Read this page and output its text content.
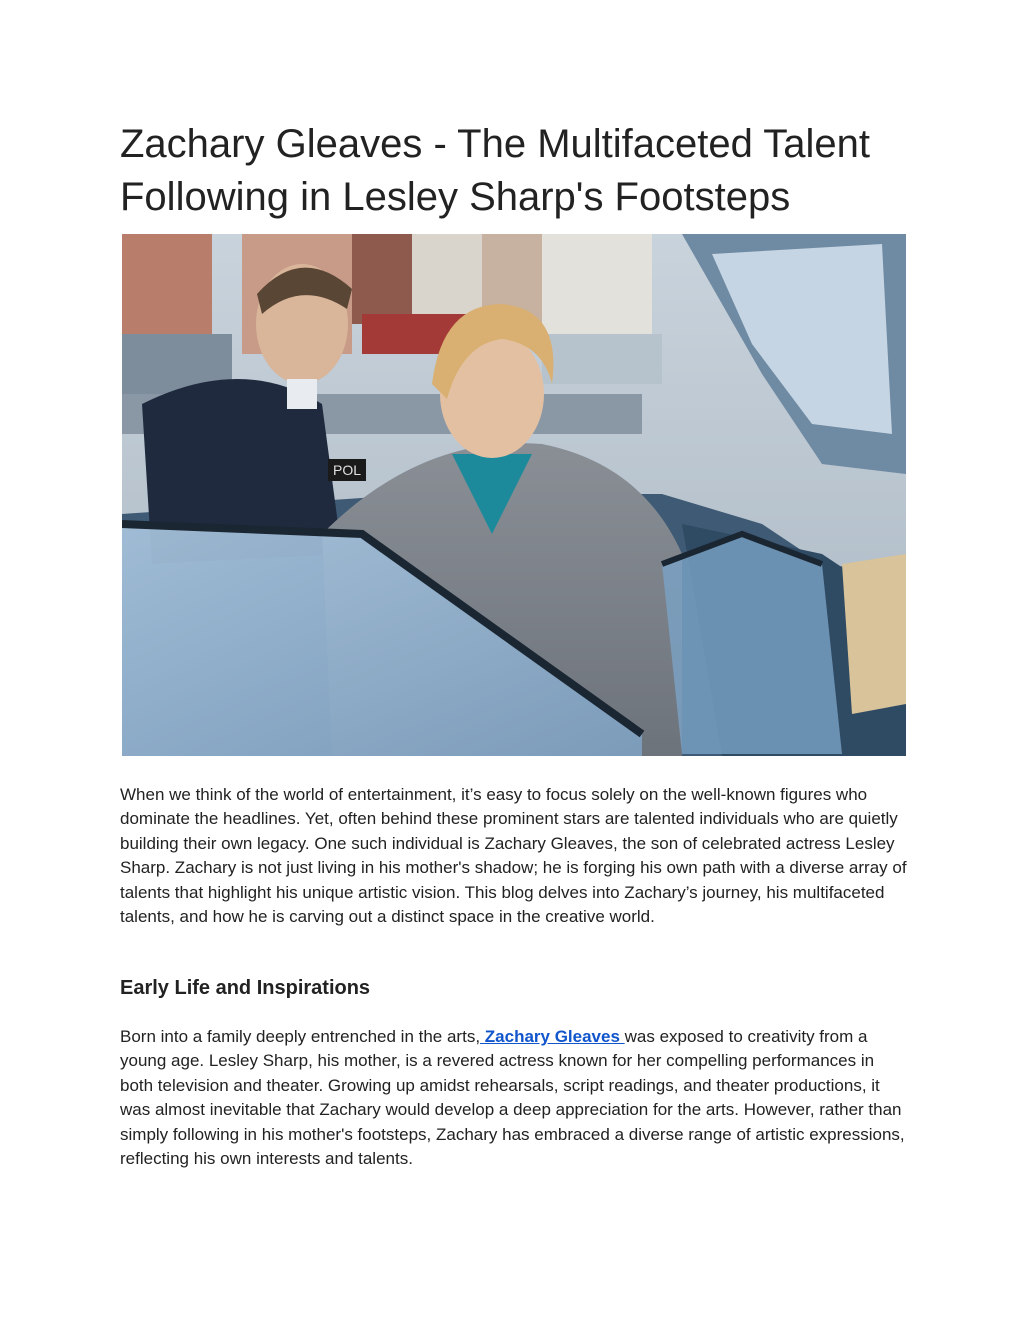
Zachary Gleaves - The Multifaceted Talent Following in Lesley Sharp's Footsteps
POL

When we think of the world of entertainment, it’s easy to focus solely on the well-known figures who dominate the headlines. Yet, often behind these prominent stars are talented individuals who are quietly building their own legacy. One such individual is Zachary Gleaves, the son of celebrated actress Lesley Sharp. Zachary is not just living in his mother's shadow; he is forging his own path with a diverse array of talents that highlight his unique artistic vision. This blog delves into Zachary’s journey, his multifaceted talents, and how he is carving out a distinct space in the creative world.

Early Life and Inspirations

Born into a family deeply entrenched in the arts, Zachary Gleaves was exposed to creativity from a young age. Lesley Sharp, his mother, is a revered actress known for her compelling performances in both television and theater. Growing up amidst rehearsals, script readings, and theater productions, it was almost inevitable that Zachary would develop a deep appreciation for the arts. However, rather than simply following in his mother's footsteps, Zachary has embraced a diverse range of artistic expressions, reflecting his own interests and talents.
